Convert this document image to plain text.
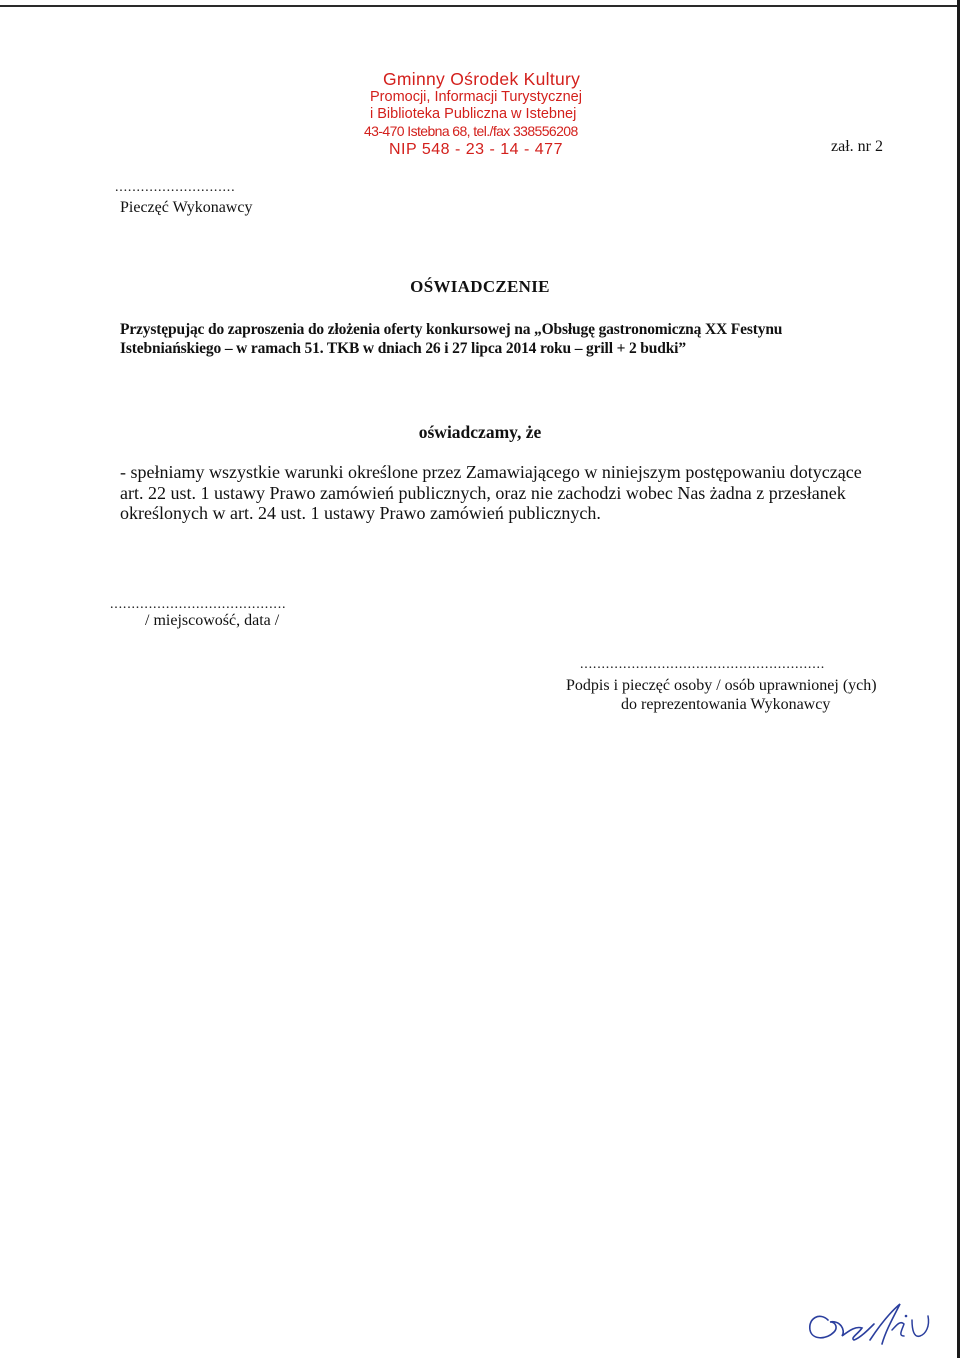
Gminny Ośrodek Kultury
Promocji, Informacji Turystycznej
i Biblioteka Publiczna w Istebnej
43-470 Istebna 68, tel./fax 338556208
NIP 548 - 23 - 14 - 477	zał. nr 2
............................
Pieczęć Wykonawcy
OŚWIADCZENIE
Przystępując do zaproszenia do złożenia oferty konkursowej na „Obsługę gastronomiczną XX Festynu
Istebniańskiego – w ramach 51. TKB w dniach 26 i 27 lipca 2014 roku – grill + 2 budki”
oświadczamy, że
- spełniamy wszystkie warunki określone przez Zamawiającego w niniejszym postępowaniu dotyczące
art. 22 ust. 1 ustawy Prawo zamówień publicznych, oraz nie zachodzi wobec Nas żadna z przesłanek
określonych w art. 24 ust. 1 ustawy Prawo zamówień publicznych.
.........................................
/ miejscowość, data /
.........................................................
Podpis i pieczęć osoby / osób uprawnionej (ych)
do reprezentowania Wykonawcy
